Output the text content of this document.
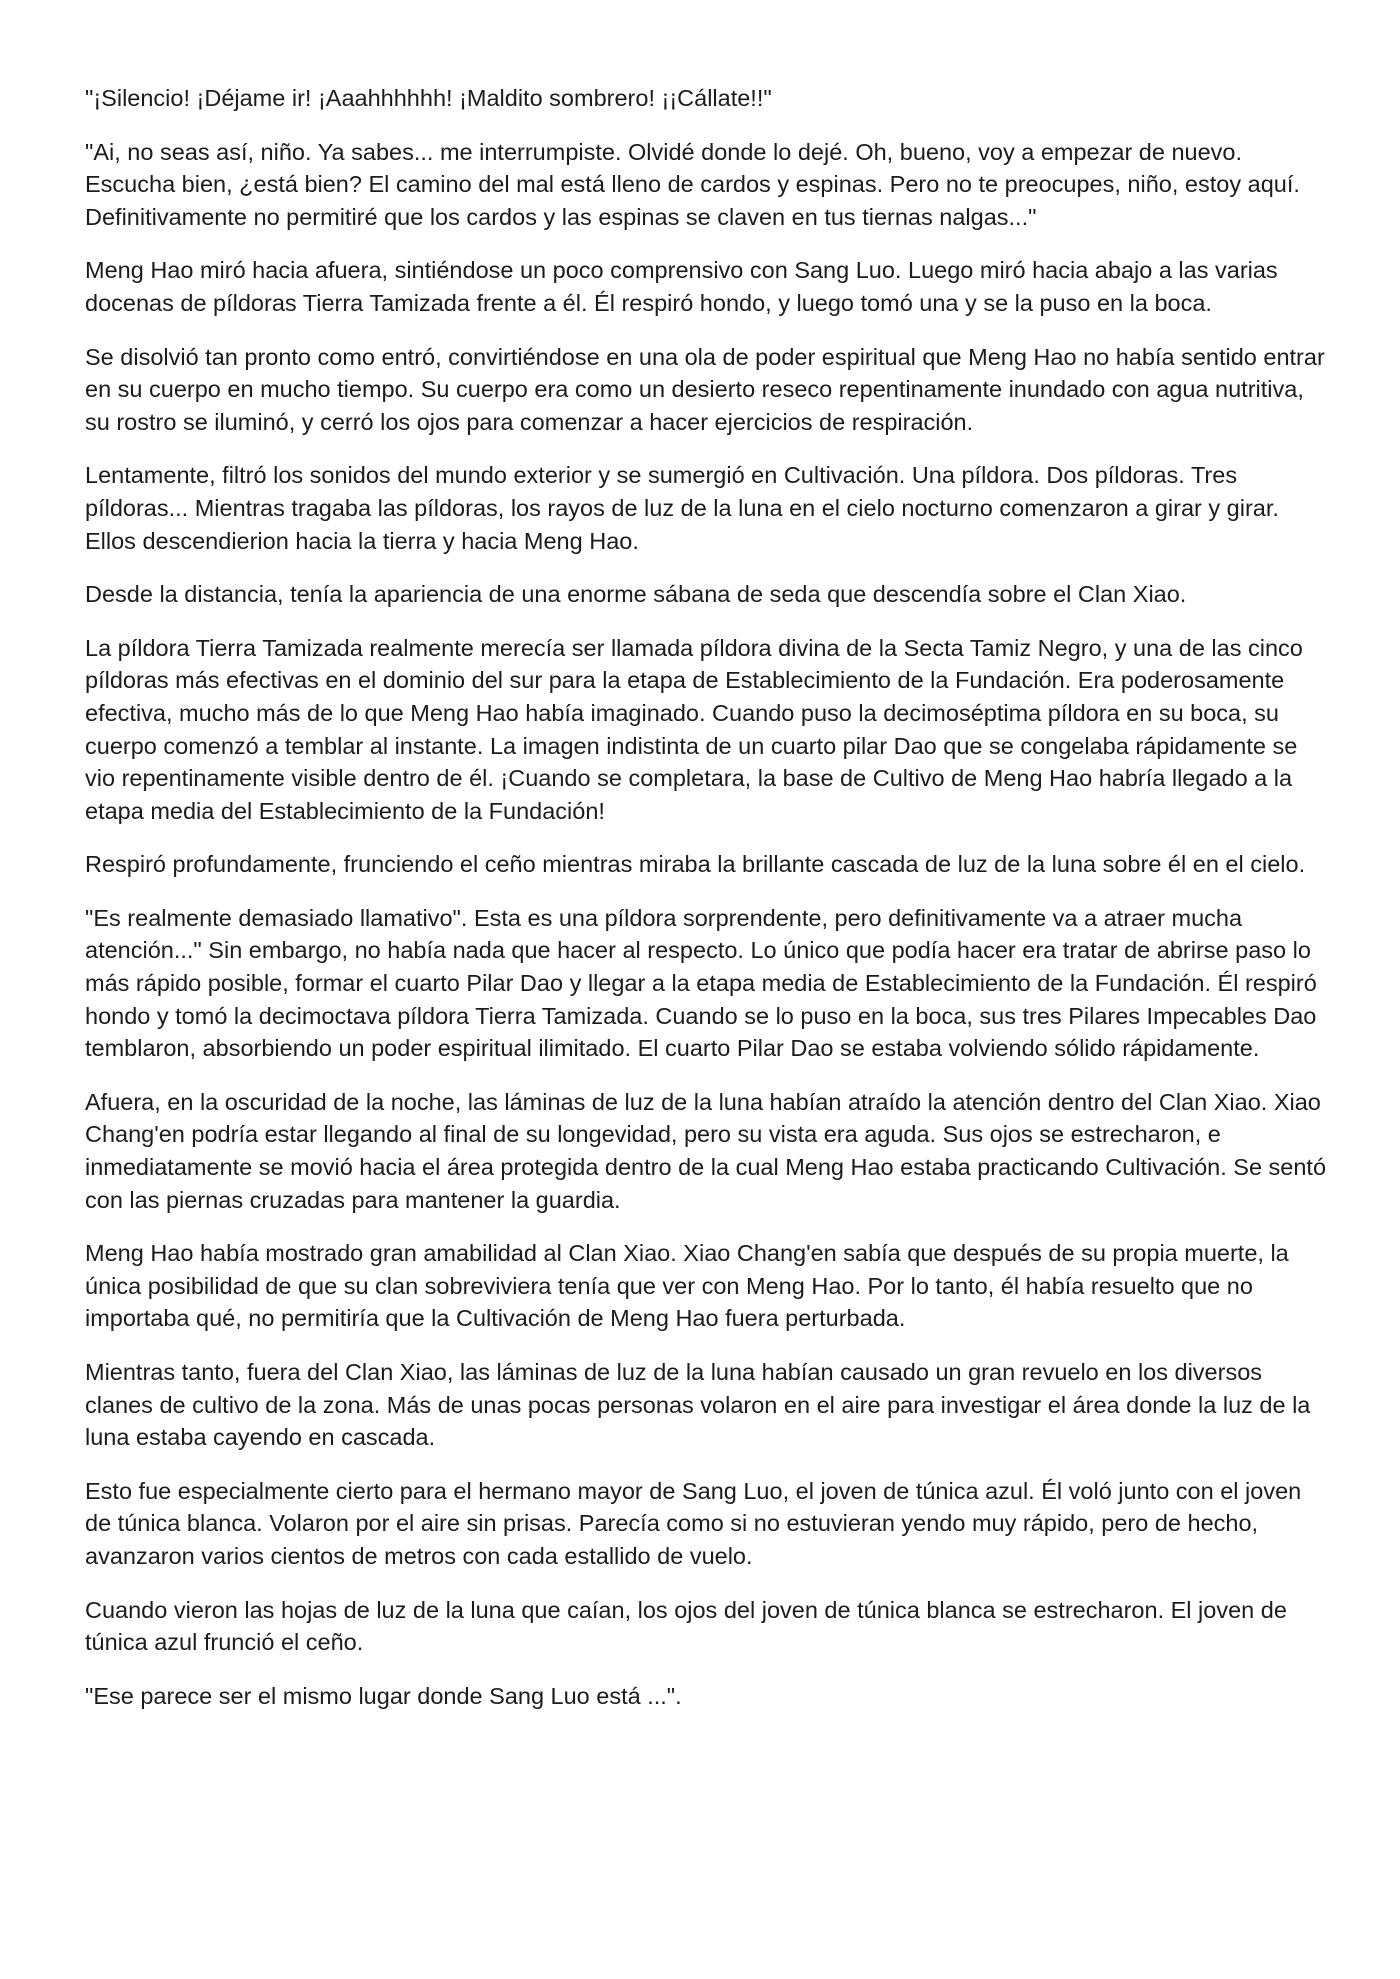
"¡Silencio! ¡Déjame ir! ¡Aaahhhhhh! ¡Maldito sombrero! ¡¡Cállate!!"

"Ai, no seas así, niño. Ya sabes... me interrumpiste. Olvidé donde lo dejé. Oh, bueno, voy a empezar de nuevo. Escucha bien, ¿está bien? El camino del mal está lleno de cardos y espinas. Pero no te preocupes, niño, estoy aquí. Definitivamente no permitiré que los cardos y las espinas se claven en tus tiernas nalgas..."

Meng Hao miró hacia afuera, sintiéndose un poco comprensivo con Sang Luo. Luego miró hacia abajo a las varias docenas de píldoras Tierra Tamizada frente a él. Él respiró hondo, y luego tomó una y se la puso en la boca.

Se disolvió tan pronto como entró, convirtiéndose en una ola de poder espiritual que Meng Hao no había sentido entrar en su cuerpo en mucho tiempo. Su cuerpo era como un desierto reseco repentinamente inundado con agua nutritiva, su rostro se iluminó, y cerró los ojos para comenzar a hacer ejercicios de respiración.

Lentamente, filtró los sonidos del mundo exterior y se sumergió en Cultivación. Una píldora. Dos píldoras. Tres píldoras... Mientras tragaba las píldoras, los rayos de luz de la luna en el cielo nocturno comenzaron a girar y girar. Ellos descendierion hacia la tierra y hacia Meng Hao.

Desde la distancia, tenía la apariencia de una enorme sábana de seda que descendía sobre el Clan Xiao.

La píldora Tierra Tamizada realmente merecía ser llamada píldora divina de la Secta Tamiz Negro, y una de las cinco píldoras más efectivas en el dominio del sur para la etapa de Establecimiento de la Fundación. Era poderosamente efectiva, mucho más de lo que Meng Hao había imaginado. Cuando puso la decimoséptima píldora en su boca, su cuerpo comenzó a temblar al instante. La imagen indistinta de un cuarto pilar Dao que se congelaba rápidamente se vio repentinamente visible dentro de él. ¡Cuando se completara, la base de Cultivo de Meng Hao habría llegado a la etapa media del Establecimiento de la Fundación!

Respiró profundamente, frunciendo el ceño mientras miraba la brillante cascada de luz de la luna sobre él en el cielo.

"Es realmente demasiado llamativo". Esta es una píldora sorprendente, pero definitivamente va a atraer mucha atención..." Sin embargo, no había nada que hacer al respecto. Lo único que podía hacer era tratar de abrirse paso lo más rápido posible, formar el cuarto Pilar Dao y llegar a la etapa media de Establecimiento de la Fundación. Él respiró hondo y tomó la decimoctava píldora Tierra Tamizada. Cuando se lo puso en la boca, sus tres Pilares Impecables Dao temblaron, absorbiendo un poder espiritual ilimitado. El cuarto Pilar Dao se estaba volviendo sólido rápidamente.

Afuera, en la oscuridad de la noche, las láminas de luz de la luna habían atraído la atención dentro del Clan Xiao. Xiao Chang'en podría estar llegando al final de su longevidad, pero su vista era aguda. Sus ojos se estrecharon, e inmediatamente se movió hacia el área protegida dentro de la cual Meng Hao estaba practicando Cultivación. Se sentó con las piernas cruzadas para mantener la guardia.

Meng Hao había mostrado gran amabilidad al Clan Xiao. Xiao Chang'en sabía que después de su propia muerte, la única posibilidad de que su clan sobreviviera tenía que ver con Meng Hao. Por lo tanto, él había resuelto que no importaba qué, no permitiría que la Cultivación de Meng Hao fuera perturbada.

Mientras tanto, fuera del Clan Xiao, las láminas de luz de la luna habían causado un gran revuelo en los diversos clanes de cultivo de la zona. Más de unas pocas personas volaron en el aire para investigar el área donde la luz de la luna estaba cayendo en cascada.

Esto fue especialmente cierto para el hermano mayor de Sang Luo, el joven de túnica azul. Él voló junto con el joven de túnica blanca. Volaron por el aire sin prisas. Parecía como si no estuvieran yendo muy rápido, pero de hecho, avanzaron varios cientos de metros con cada estallido de vuelo.

Cuando vieron las hojas de luz de la luna que caían, los ojos del joven de túnica blanca se estrecharon. El joven de túnica azul frunció el ceño.

"Ese parece ser el mismo lugar donde Sang Luo está ...".
